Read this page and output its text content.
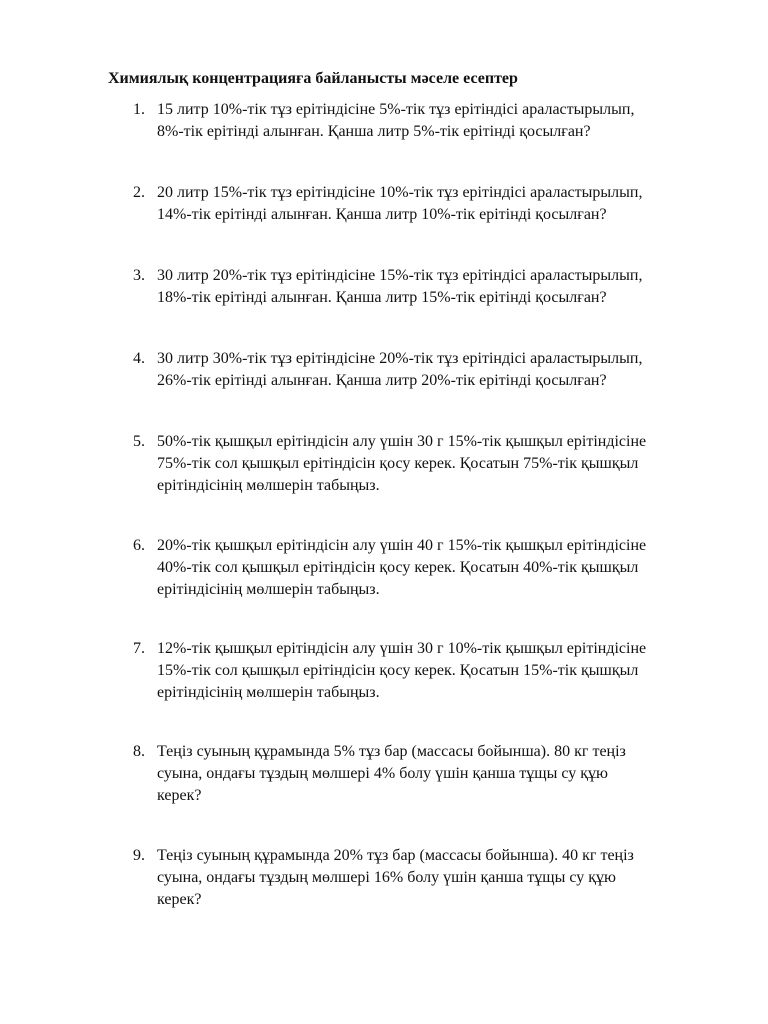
Химиялық концентрацияға байланысты мәселе есептер
1. 15 литр 10%-тік тұз ерітіндісіне 5%-тік тұз ерітіндісі араластырылып,
8%-тік ерітінді алынған. Қанша литр 5%-тік ерітінді қосылған?
2. 20 литр 15%-тік тұз ерітіндісіне 10%-тік тұз ерітіндісі араластырылып,
14%-тік ерітінді алынған. Қанша литр 10%-тік ерітінді қосылған?
3. 30 литр 20%-тік тұз ерітіндісіне 15%-тік тұз ерітіндісі араластырылып,
18%-тік ерітінді алынған. Қанша литр 15%-тік ерітінді қосылған?
4. 30 литр 30%-тік тұз ерітіндісіне 20%-тік тұз ерітіндісі араластырылып,
26%-тік ерітінді алынған. Қанша литр 20%-тік ерітінді қосылған?
5. 50%-тік қышқыл ерітіндісін алу үшін 30 г 15%-тік қышқыл ерітіндісіне
75%-тік сол қышқыл ерітіндісін қосу керек. Қосатын 75%-тік қышқыл
ерітіндісінің мөлшерін табыңыз.
6. 20%-тік қышқыл ерітіндісін алу үшін 40 г 15%-тік қышқыл ерітіндісіне
40%-тік сол қышқыл ерітіндісін қосу керек. Қосатын 40%-тік қышқыл
ерітіндісінің мөлшерін табыңыз.
7. 12%-тік қышқыл ерітіндісін алу үшін 30 г 10%-тік қышқыл ерітіндісіне
15%-тік сол қышқыл ерітіндісін қосу керек. Қосатын 15%-тік қышқыл
ерітіндісінің мөлшерін табыңыз.
8. Теңіз суының құрамында 5% тұз бар (массасы бойынша). 80 кг теңіз
суына, ондағы тұздың мөлшері 4% болу үшін қанша тұщы су құю
керек?
9. Теңіз суының құрамында 20% тұз бар (массасы бойынша). 40 кг теңіз
суына, ондағы тұздың мөлшері 16% болу үшін қанша тұщы су құю
керек?
